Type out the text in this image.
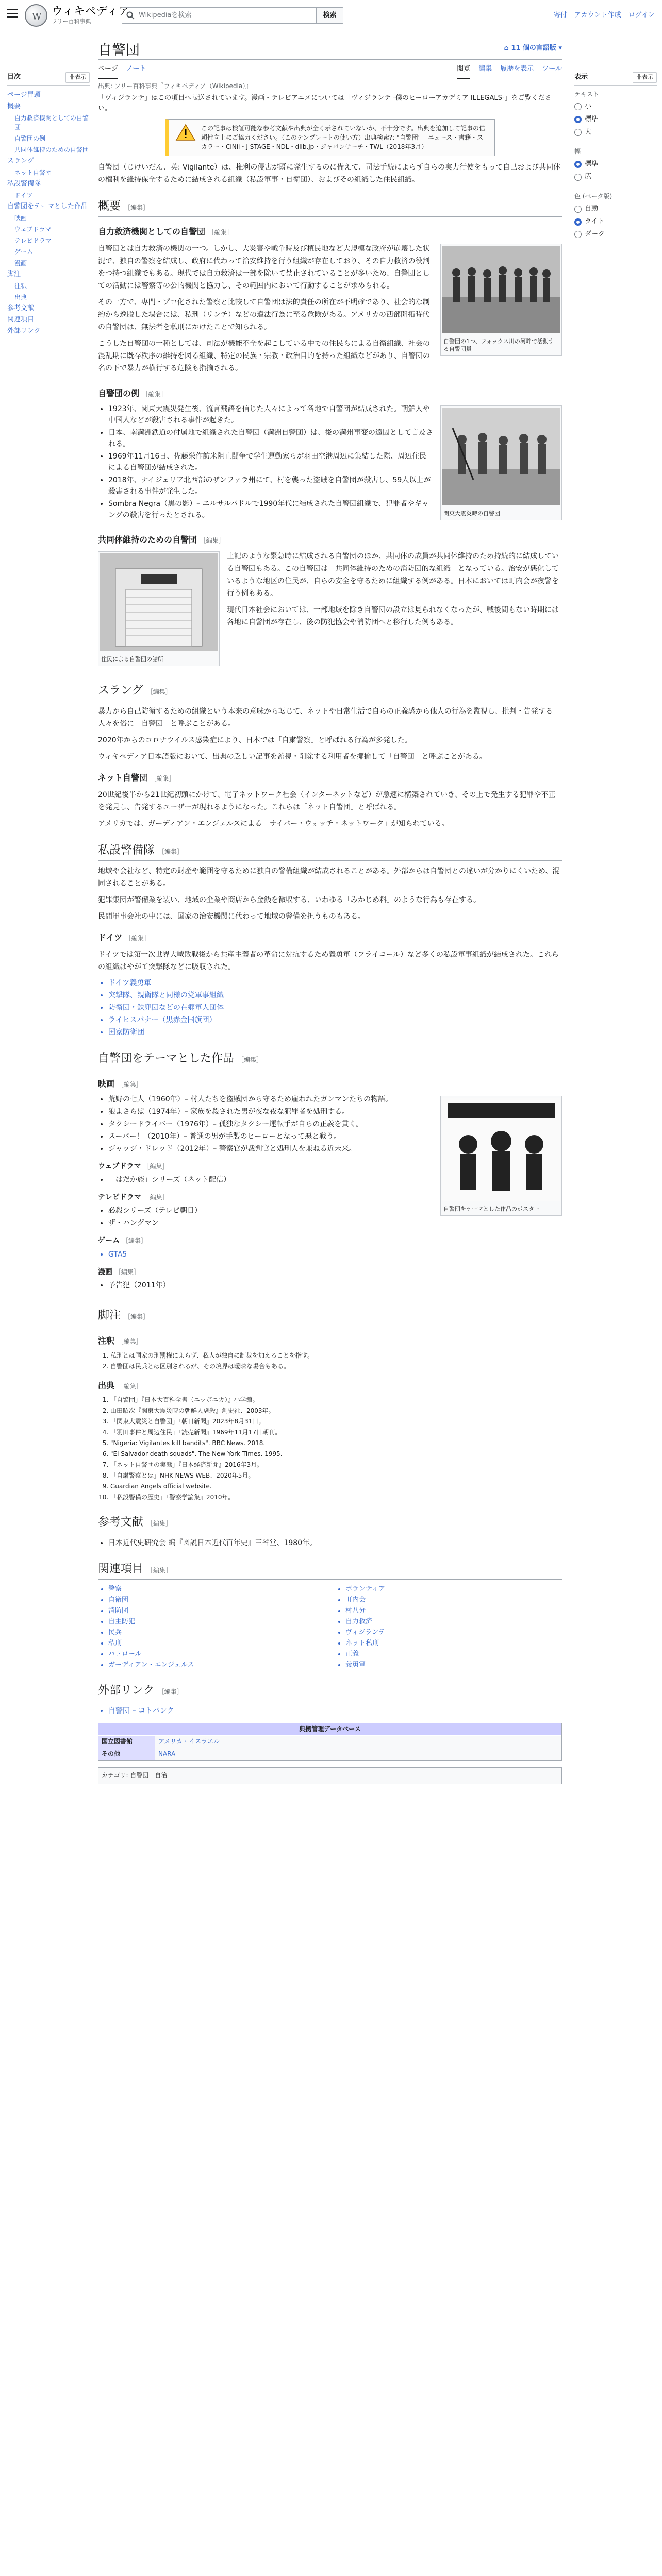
W
ウィキペディア
フリー百科事典
Wikipediaを検索	検索	寄付 アカウント作成 ログイン
目次	非表示
ページ冒頭
概要
自力救済機関としての自警団
自警団の例
共同体維持のための自警団
スラング
ネット自警団
私設警備隊
ドイツ
自警団をテーマとした作品
映画
ウェブドラマ
テレビドラマ
ゲーム
漫画
脚注
注釈
出典
参考文献
関連項目
外部リンク
表示	非表示
テキスト
小
標準
大
幅
標準
広
色 (ベータ版)
自動
ライト
ダーク
自警団	⌂ 11 個の言語版 ▾
ページ ノート	閲覧 編集 履歴を表示 ツール
出典: フリー百科事典『ウィキペディア（Wikipedia）』
「ヴィジランテ」はこの項目へ転送されています。漫画・テレビアニメについては「ヴィジランテ -僕のヒーローアカデミア ILLEGALS-」をご覧ください。
この記事は検証可能な参考文献や出典が全く示されていないか、不十分です。出典を追加して記事の信頼性向上にご協力ください。（このテンプレートの使い方）出典検索?: "自警団" – ニュース・書籍・スカラー・CiNii・J-STAGE・NDL・dlib.jp・ジャパンサーチ・TWL（2018年3月）

自警団（じけいだん、英: Vigilante）は、権利の侵害が既に発生するのに備えて、司法手続によらず自らの実力行使をもって自己および共同体の権利を維持保全するために結成される組織（私設軍事・自衛団）、およびその組織した住民組織。

概要 ［編集］
自力救済機関としての自警団 ［編集］
自警団の1つ、フォックス川の河畔で活動する自警団員

自警団とは自力救済の機関の一つ。しかし、大災害や戦争時及び植民地など大規模な政府が崩壊した状況で、独自の警察を結成し、政府に代わって治安維持を行う組織が存在しており、その自力救済の役割をつ持つ組織でもある。現代では自力救済は一部を除いて禁止されていることが多いため、自警団としての活動には警察等の公的機関と協力し、その範囲内において行動することが求められる。

その一方で、専門・プロ化された警察と比較して自警団は法的責任の所在が不明確であり、社会的な制約から逸脱した場合には、私刑（リンチ）などの違法行為に至る危険がある。アメリカの西部開拓時代の自警団は、無法者を私刑にかけたことで知られる。

こうした自警団の一種としては、司法が機能不全を起こしている中での住民らによる自衛組織、社会の混乱期に既存秩序の維持を図る組織、特定の民族・宗教・政治目的を持った組織などがあり、自警団の名の下で暴力が横行する危険も指摘される。

自警団の例 ［編集］
関東大震災時の自警団
• 1923年、関東大震災発生後、流言飛語を信じた人々によって各地で自警団が結成された。朝鮮人や中国人などが殺害される事件が起きた。
• 日本、南満洲鉄道の付属地で組織された自警団（満洲自警団）は、後の満州事変の遠因として言及される。
• 1969年11月16日、佐藤栄作訪米阻止闘争で学生運動家らが羽田空港周辺に集結した際、周辺住民による自警団が結成された。
• 2018年、ナイジェリア北西部のザンファラ州にて、村を襲った盗賊を自警団が殺害し、59人以上が殺害される事件が発生した。
• Sombra Negra（黒の影）– エルサルバドルで1990年代に結成された自警団組織で、犯罪者やギャングの殺害を行ったとされる。
共同体維持のための自警団 ［編集］
住民による自警団の詰所

上記のような緊急時に結成される自警団のほか、共同体の成員が共同体維持のため持続的に結成している自警団もある。この自警団は「共同体維持のための消防団的な組織」となっている。治安が悪化しているような地区の住民が、自らの安全を守るために組織する例がある。日本においては町内会が夜警を行う例もある。

現代日本社会においては、一部地域を除き自警団の設立は見られなくなったが、戦後間もない時期には各地に自警団が存在し、後の防犯協会や消防団へと移行した例もある。

スラング ［編集］

暴力から自己防衛するための組織という本来の意味から転じて、ネットや日常生活で自らの正義感から他人の行為を監視し、批判・告発する人々を俗に「自警団」と呼ぶことがある。

2020年からのコロナウイルス感染症により、日本では「自粛警察」と呼ばれる行為が多発した。

ウィキペディア日本語版において、出典の乏しい記事を監視・削除する利用者を揶揄して「自警団」と呼ぶことがある。

ネット自警団 ［編集］

20世紀後半から21世紀初頭にかけて、電子ネットワーク社会（インターネットなど）が急速に構築されていき、その上で発生する犯罪や不正を発見し、告発するユーザーが現れるようになった。これらは「ネット自警団」と呼ばれる。

アメリカでは、ガーディアン・エンジェルスによる「サイバー・ウォッチ・ネットワーク」が知られている。

私設警備隊 ［編集］

地域や会社など、特定の財産や範囲を守るために独自の警備組織が結成されることがある。外部からは自警団との違いが分かりにくいため、混同されることがある。

犯罪集団が警備業を装い、地域の企業や商店から金銭を徴収する、いわゆる「みかじめ料」のような行為も存在する。

民間軍事会社の中には、国家の治安機関に代わって地域の警備を担うものもある。

ドイツ ［編集］

ドイツでは第一次世界大戦敗戦後から共産主義者の革命に対抗するため義勇軍（フライコール）など多くの私設軍事組織が結成された。これらの組織はやがて突撃隊などに吸収された。

• ドイツ義勇軍
• 突撃隊、親衛隊と同様の党軍事組織
• 防衛団・鉄兜団などの在郷軍人団体
• ライヒスバナー（黒赤金国旗団）
• 国家防衛団
自警団をテーマとした作品 ［編集］
映画 ［編集］
自警団をテーマとした作品のポスター
• 荒野の七人（1960年）– 村人たちを盗賊団から守るため雇われたガンマンたちの物語。
• 狼よさらば（1974年）– 家族を殺された男が夜な夜な犯罪者を処刑する。
• タクシードライバー（1976年）– 孤独なタクシー運転手が自らの正義を貫く。
• スーパー！（2010年）– 普通の男が手製のヒーローとなって悪と戦う。
• ジャッジ・ドレッド（2012年）– 警察官が裁判官と処刑人を兼ねる近未来。
ウェブドラマ ［編集］
• 「はだか族」シリーズ（ネット配信）
テレビドラマ ［編集］
• 必殺シリーズ（テレビ朝日）
• ザ・ハングマン
ゲーム ［編集］
• GTA5
漫画 ［編集］
• 予告犯（2011年）
脚注 ［編集］
注釈 ［編集］
1. 私刑とは国家の刑罰権によらず、私人が独自に制裁を加えることを指す。
2. 自警団は民兵とは区別されるが、その境界は曖昧な場合もある。
出典 ［編集］
1. 「自警団」『日本大百科全書（ニッポニカ）』小学館。
2. 山田昭次『関東大震災時の朝鮮人虐殺』創史社、2003年。
3. 「関東大震災と自警団」『朝日新聞』2023年8月31日。
4. 「羽田事件と周辺住民」『読売新聞』1969年11月17日朝刊。
5. "Nigeria: Vigilantes kill bandits". BBC News. 2018.
6. "El Salvador death squads". The New York Times. 1995.
7. 「ネット自警団の実態」『日本経済新聞』2016年3月。
8. 「自粛警察とは」NHK NEWS WEB、2020年5月。
9. Guardian Angels official website.
10. 「私設警備の歴史」『警察学論集』2010年。
参考文献 ［編集］
• 日本近代史研究会 編『図説日本近代百年史』三省堂、1980年。
関連項目 ［編集］
• 警察
• 自衛団
• 消防団
• 自主防犯
• 民兵
• 私刑
• パトロール
• ガーディアン・エンジェルス
• ボランティア
• 町内会
• 村八分
• 自力救済
• ヴィジランテ
• ネット私刑
• 正義
• 義勇軍
外部リンク ［編集］
• 自警団 – コトバンク
典拠管理データベース
国立図書館	アメリカ・イスラエル
その他	NARA
カテゴリ: 自警団｜自治
